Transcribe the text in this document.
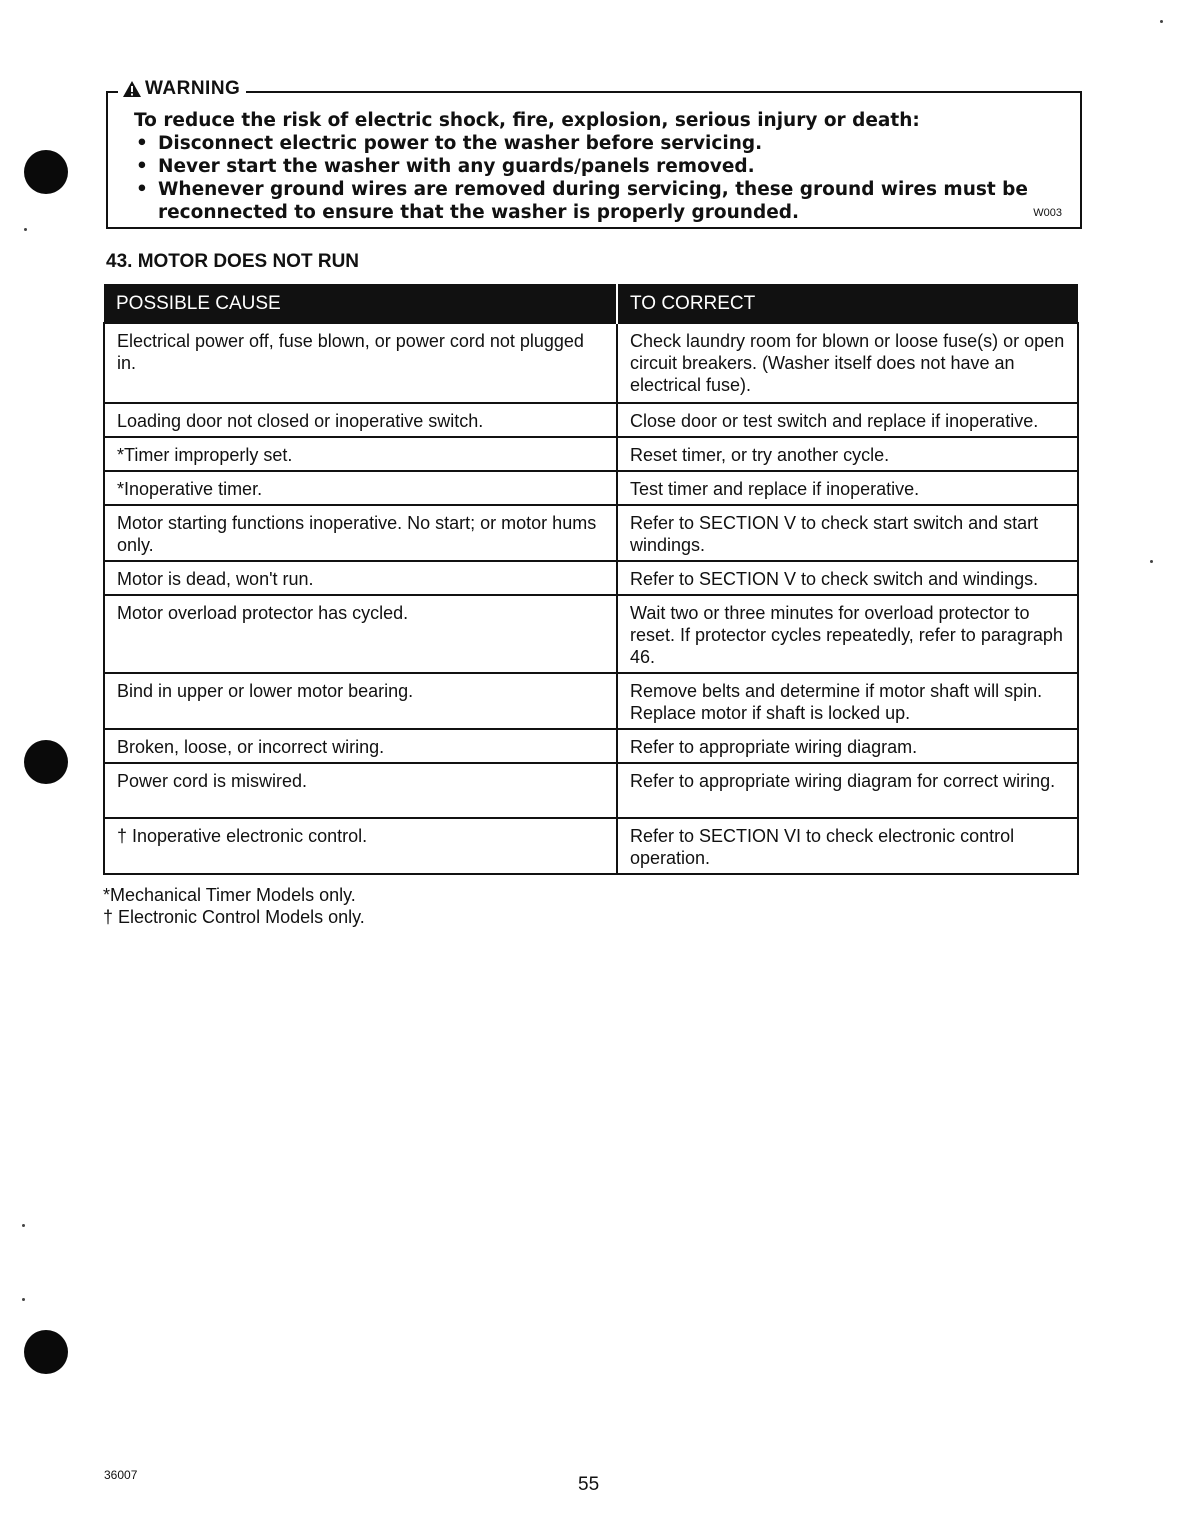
W003
WARNING

To reduce the risk of electric shock, fire, explosion, serious injury or death:

• Disconnect electric power to the washer before servicing.
• Never start the washer with any guards/panels removed.
• Whenever ground wires are removed during servicing, these ground wires must be reconnected to ensure that the washer is properly grounded.
43. MOTOR DOES NOT RUN
POSSIBLE CAUSE	TO CORRECT
Electrical power off, fuse blown, or power cord not plugged in.	Check laundry room for blown or loose fuse(s) or open circuit breakers. (Washer itself does not have an electrical fuse).
Loading door not closed or inoperative switch.	Close door or test switch and replace if inoperative.
*Timer improperly set.	Reset timer, or try another cycle.
*Inoperative timer.	Test timer and replace if inoperative.
Motor starting functions inoperative. No start; or motor hums only.	Refer to SECTION V to check start switch and start windings.
Motor is dead, won't run.	Refer to SECTION V to check switch and windings.
Motor overload protector has cycled.	Wait two or three minutes for overload protector to reset. If protector cycles repeatedly, refer to paragraph 46.
Bind in upper or lower motor bearing.	Remove belts and determine if motor shaft will spin. Replace motor if shaft is locked up.
Broken, loose, or incorrect wiring.	Refer to appropriate wiring diagram.
Power cord is miswired.	Refer to appropriate wiring diagram for correct wiring.
† Inoperative electronic control.	Refer to SECTION VI to check electronic control operation.
*Mechanical Timer Models only.
† Electronic Control Models only.
36007	55
